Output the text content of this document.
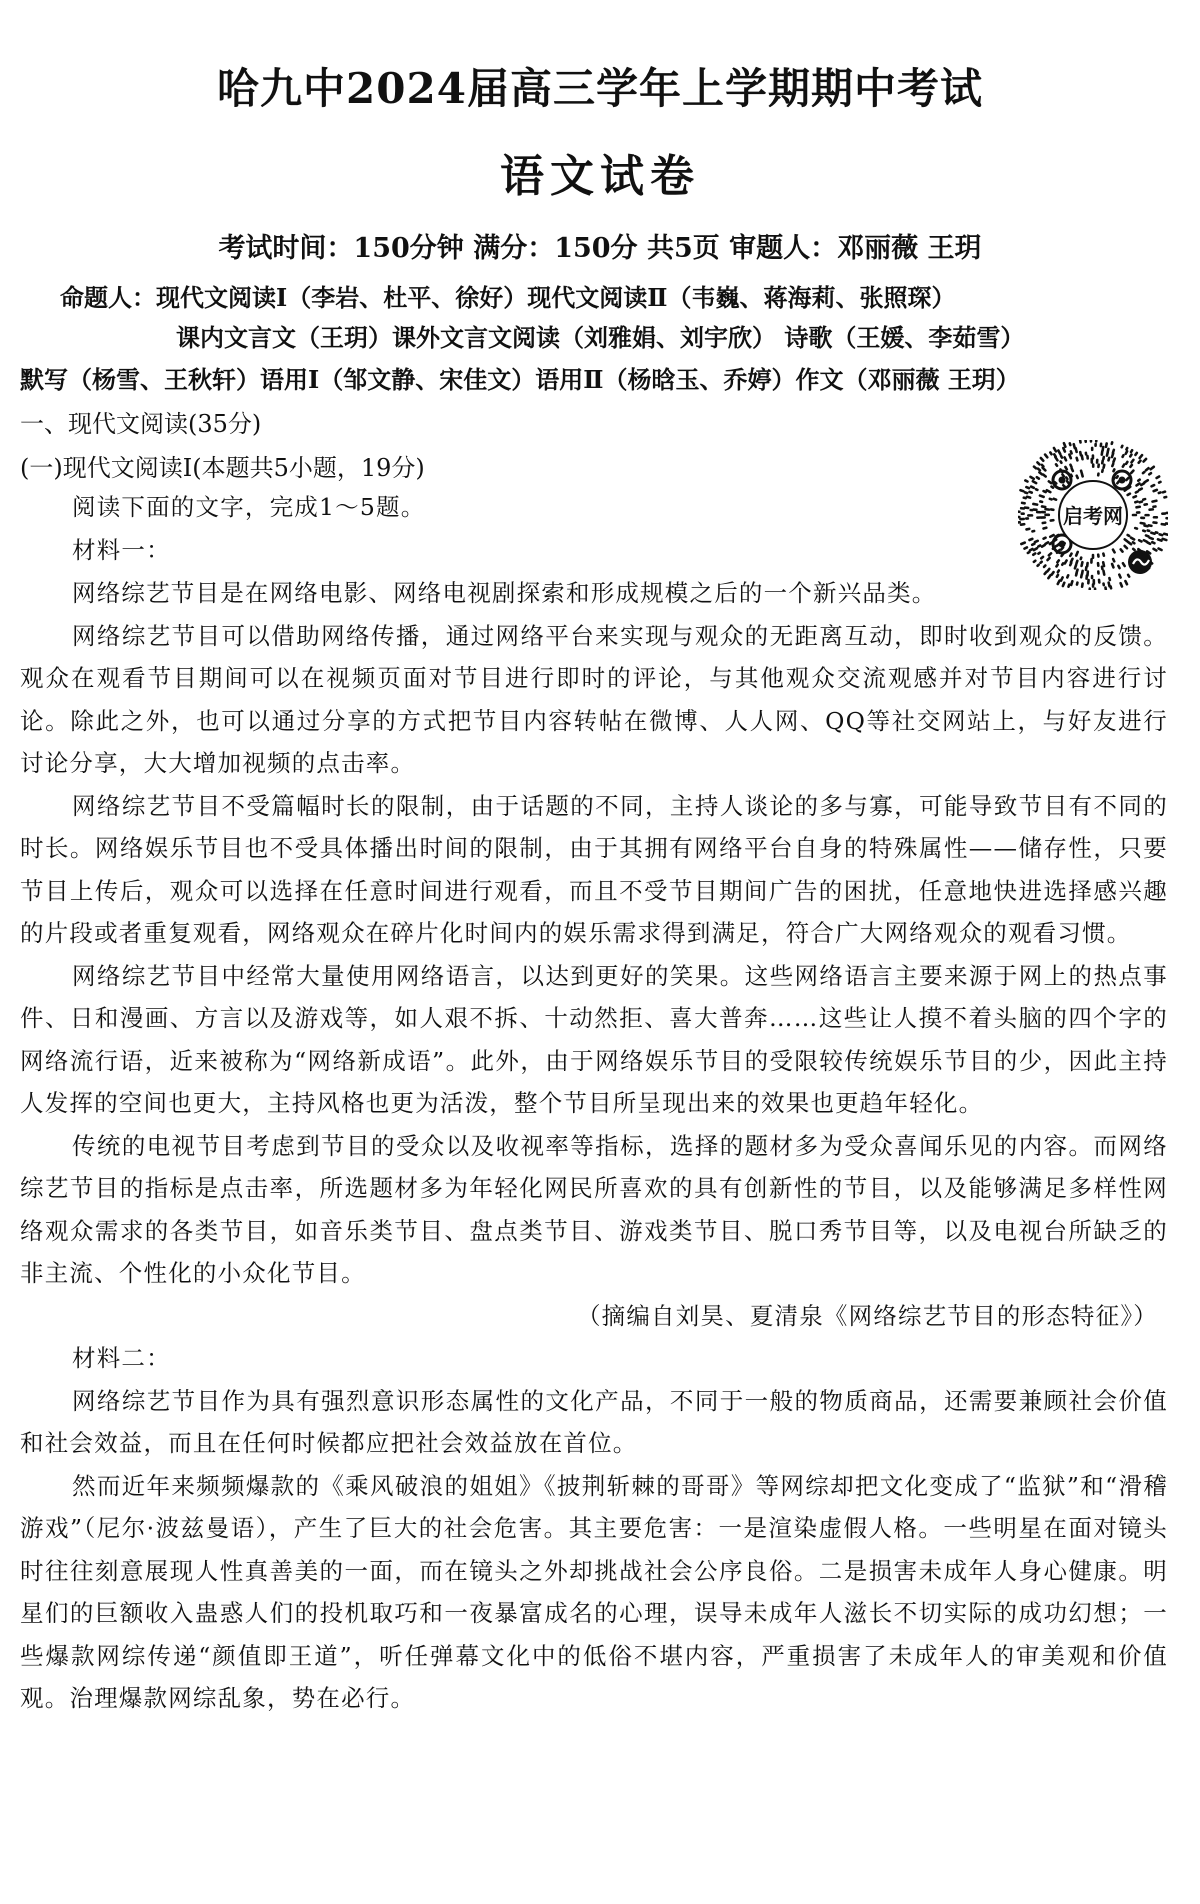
哈九中2024届高三学年上学期期中考试
语文试卷
考试时间：150分钟 满分：150分 共5页 审题人：邓丽薇 王玥
命题人：现代文阅读Ⅰ（李岩、杜平、徐好）现代文阅读Ⅱ（韦巍、蒋海莉、张照琛）
课内文言文（王玥）课外文言文阅读（刘雅娟、刘宇欣） 诗歌（王媛、李茹雪）
默写（杨雪、王秋轩）语用Ⅰ（邹文静、宋佳文）语用Ⅱ（杨晗玉、乔婷）作文（邓丽薇 王玥）
一、现代文阅读(35分)
(一)现代文阅读Ⅰ(本题共5小题，19分)
启考网

阅读下面的文字，完成1～5题。

材料一：

网络综艺节目是在网络电影、网络电视剧探索和形成规模之后的一个新兴品类。

网络综艺节目可以借助网络传播，通过网络平台来实现与观众的无距离互动，即时收到观众的反馈。观众在观看节目期间可以在视频页面对节目进行即时的评论，与其他观众交流观感并对节目内容进行讨论。除此之外，也可以通过分享的方式把节目内容转帖在微博、人人网、QQ等社交网站上，与好友进行讨论分享，大大增加视频的点击率。

网络综艺节目不受篇幅时长的限制，由于话题的不同，主持人谈论的多与寡，可能导致节目有不同的时长。网络娱乐节目也不受具体播出时间的限制，由于其拥有网络平台自身的特殊属性——储存性，只要节目上传后，观众可以选择在任意时间进行观看，而且不受节目期间广告的困扰，任意地快进选择感兴趣的片段或者重复观看，网络观众在碎片化时间内的娱乐需求得到满足，符合广大网络观众的观看习惯。

网络综艺节目中经常大量使用网络语言，以达到更好的笑果。这些网络语言主要来源于网上的热点事件、日和漫画、方言以及游戏等，如人艰不拆、十动然拒、喜大普奔……这些让人摸不着头脑的四个字的网络流行语，近来被称为“网络新成语”。此外，由于网络娱乐节目的受限较传统娱乐节目的少，因此主持人发挥的空间也更大，主持风格也更为活泼，整个节目所呈现出来的效果也更趋年轻化。

传统的电视节目考虑到节目的受众以及收视率等指标，选择的题材多为受众喜闻乐见的内容。而网络综艺节目的指标是点击率，所选题材多为年轻化网民所喜欢的具有创新性的节目，以及能够满足多样性网络观众需求的各类节目，如音乐类节目、盘点类节目、游戏类节目、脱口秀节目等，以及电视台所缺乏的非主流、个性化的小众化节目。

（摘编自刘昊、夏清泉《网络综艺节目的形态特征》）

材料二：

网络综艺节目作为具有强烈意识形态属性的文化产品，不同于一般的物质商品，还需要兼顾社会价值和社会效益，而且在任何时候都应把社会效益放在首位。

然而近年来频频爆款的《乘风破浪的姐姐》《披荆斩棘的哥哥》等网综却把文化变成了“监狱”和“滑稽游戏”（尼尔·波兹曼语），产生了巨大的社会危害。其主要危害：一是渲染虚假人格。一些明星在面对镜头时往往刻意展现人性真善美的一面，而在镜头之外却挑战社会公序良俗。二是损害未成年人身心健康。明星们的巨额收入蛊惑人们的投机取巧和一夜暴富成名的心理，误导未成年人滋长不切实际的成功幻想；一些爆款网综传递“颜值即王道”，听任弹幕文化中的低俗不堪内容，严重损害了未成年人的审美观和价值观。治理爆款网综乱象，势在必行。
